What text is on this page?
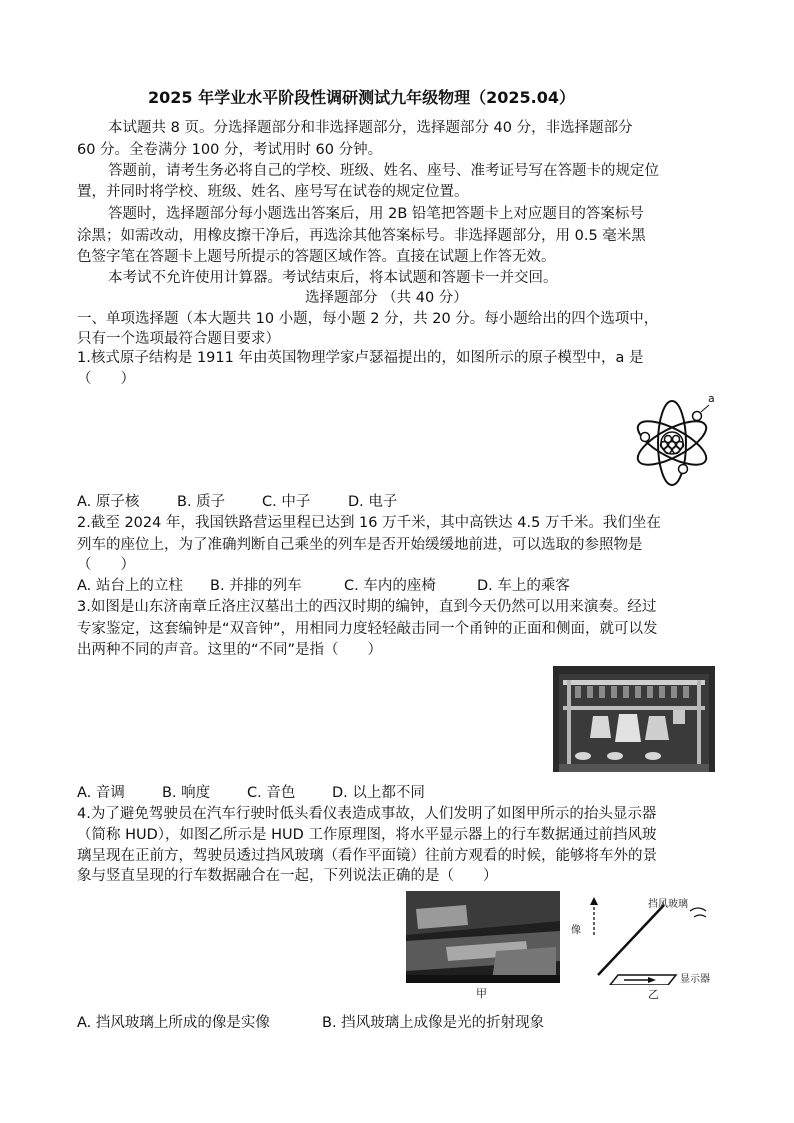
2025 年学业水平阶段性调研测试九年级物理（2025.04）
本试题共 8 页。分选择题部分和非选择题部分，选择题部分 40 分，非选择题部分
60 分。全卷满分 100 分，考试用时 60 分钟。
答题前，请考生务必将自己的学校、班级、姓名、座号、准考证号写在答题卡的规定位
置，并同时将学校、班级、姓名、座号写在试卷的规定位置。
答题时，选择题部分每小题选出答案后，用 2B 铅笔把答题卡上对应题目的答案标号
涂黑；如需改动，用橡皮擦干净后，再选涂其他答案标号。非选择题部分，用 0.5 毫米黑
色签字笔在答题卡上题号所提示的答题区域作答。直接在试题上作答无效。
本考试不允许使用计算器。考试结束后，将本试题和答题卡一并交回。
选择题部分 （共 40 分）
一、单项选择题（本大题共 10 小题，每小题 2 分，共 20 分。每小题给出的四个选项中，
只有一个选项最符合题目要求）
1.核式原子结构是 1911 年由英国物理学家卢瑟福提出的，如图所示的原子模型中，a 是
（　　）
a
A. 原子核	B. 质子	C. 中子	D. 电子
2.截至 2024 年，我国铁路营运里程已达到 16 万千米，其中高铁达 4.5 万千米。我们坐在
列车的座位上，为了准确判断自己乘坐的列车是否开始缓缓地前进，可以选取的参照物是
（　　）
A. 站台上的立柱 B. 并排的列车	C. 车内的座椅	D. 车上的乘客
3.如图是山东济南章丘洛庄汉墓出土的西汉时期的编钟，直到今天仍然可以用来演奏。经过
专家鉴定，这套编钟是“双音钟”，用相同力度轻轻敲击同一个甬钟的正面和侧面，就可以发
出两种不同的声音。这里的“不同”是指（　　）
A. 音调	B. 响度	C. 音色	D. 以上都不同
4.为了避免驾驶员在汽车行驶时低头看仪表造成事故，人们发明了如图甲所示的抬头显示器
（简称 HUD），如图乙所示是 HUD 工作原理图，将水平显示器上的行车数据通过前挡风玻
璃呈现在正前方，驾驶员透过挡风玻璃（看作平面镜）往前方观看的时候，能够将车外的景
象与竖直呈现的行车数据融合在一起，下列说法正确的是（　　）
甲
像
挡风玻璃
显示器
乙
A. 挡风玻璃上所成的像是实像	B. 挡风玻璃上成像是光的折射现象
